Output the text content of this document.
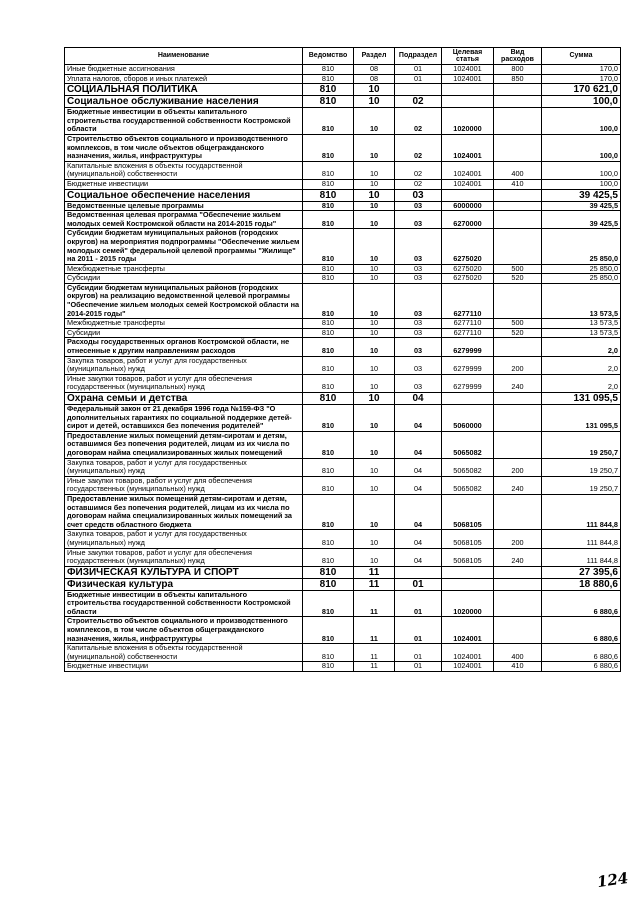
Наименование	Ведомство	Раздел	Подраздел	Целевая статья	Вид расходов	Сумма
Иные бюджетные ассигнования	810	08	01	1024001	800	170,0
Уплата налогов, сборов и иных платежей	810	08	01	1024001	850	170,0
СОЦИАЛЬНАЯ ПОЛИТИКА	810	10				170 621,0
Социальное обслуживание населения	810	10	02			100,0
Бюджетные инвестиции в объекты капитального строительства государственной собственности Костромской области	810	10	02	1020000		100,0
Строительство объектов социального и производственного комплексов, в том числе объектов общегражданского назначения, жилья, инфраструктуры	810	10	02	1024001		100,0
Капитальные вложения в объекты государственной (муниципальной) собственности	810	10	02	1024001	400	100,0
Бюджетные инвестиции	810	10	02	1024001	410	100,0
Социальное обеспечение населения	810	10	03			39 425,5
Ведомственные целевые программы	810	10	03	6000000		39 425,5
Ведомственная целевая программа "Обеспечение жильем молодых семей Костромской области на 2014-2015 годы"	810	10	03	6270000		39 425,5
Субсидии бюджетам муниципальных районов (городских округов) на мероприятия подпрограммы "Обеспечение жильем молодых семей" федеральной целевой программы "Жилище" на 2011 - 2015 годы	810	10	03	6275020		25 850,0
Межбюджетные трансферты	810	10	03	6275020	500	25 850,0
Субсидии	810	10	03	6275020	520	25 850,0
Субсидии бюджетам муниципальных районов (городских округов) на реализацию ведомственной целевой программы "Обеспечение жильем молодых семей Костромской области на 2014-2015 годы"	810	10	03	6277110		13 573,5
Межбюджетные трансферты	810	10	03	6277110	500	13 573,5
Субсидии	810	10	03	6277110	520	13 573,5
Расходы государственных органов Костромской области, не отнесенные к другим направлениям расходов	810	10	03	6279999		2,0
Закупка товаров, работ и услуг для государственных (муниципальных) нужд	810	10	03	6279999	200	2,0
Иные закупки товаров, работ и услуг для обеспечения государственных (муниципальных) нужд	810	10	03	6279999	240	2,0
Охрана семьи и детства	810	10	04			131 095,5
Федеральный закон от 21 декабря 1996 года №159-ФЗ "О дополнительных гарантиях по социальной поддержке детей-сирот и детей, оставшихся без попечения родителей"	810	10	04	5060000		131 095,5
Предоставление жилых помещений детям-сиротам и детям, оставшимся без попечения родителей, лицам из их числа по договорам найма специализированных жилых помещений	810	10	04	5065082		19 250,7
Закупка товаров, работ и услуг для государственных (муниципальных) нужд	810	10	04	5065082	200	19 250,7
Иные закупки товаров, работ и услуг для обеспечения государственных (муниципальных) нужд	810	10	04	5065082	240	19 250,7
Предоставление жилых помещений детям-сиротам и детям, оставшимся без попечения родителей, лицам из их числа по договорам найма специализированных жилых помещений за счет средств областного бюджета	810	10	04	5068105		111 844,8
Закупка товаров, работ и услуг для государственных (муниципальных) нужд	810	10	04	5068105	200	111 844,8
Иные закупки товаров, работ и услуг для обеспечения государственных (муниципальных) нужд	810	10	04	5068105	240	111 844,8
ФИЗИЧЕСКАЯ КУЛЬТУРА И СПОРТ	810	11				27 395,6
Физическая культура	810	11	01			18 880,6
Бюджетные инвестиции в объекты капитального строительства государственной собственности Костромской области	810	11	01	1020000		6 880,6
Строительство объектов социального и производственного комплексов, в том числе объектов общегражданского назначения, жилья, инфраструктуры	810	11	01	1024001		6 880,6
Капитальные вложения в объекты государственной (муниципальной) собственности	810	11	01	1024001	400	6 880,6
Бюджетные инвестиции	810	11	01	1024001	410	6 880,6
124
